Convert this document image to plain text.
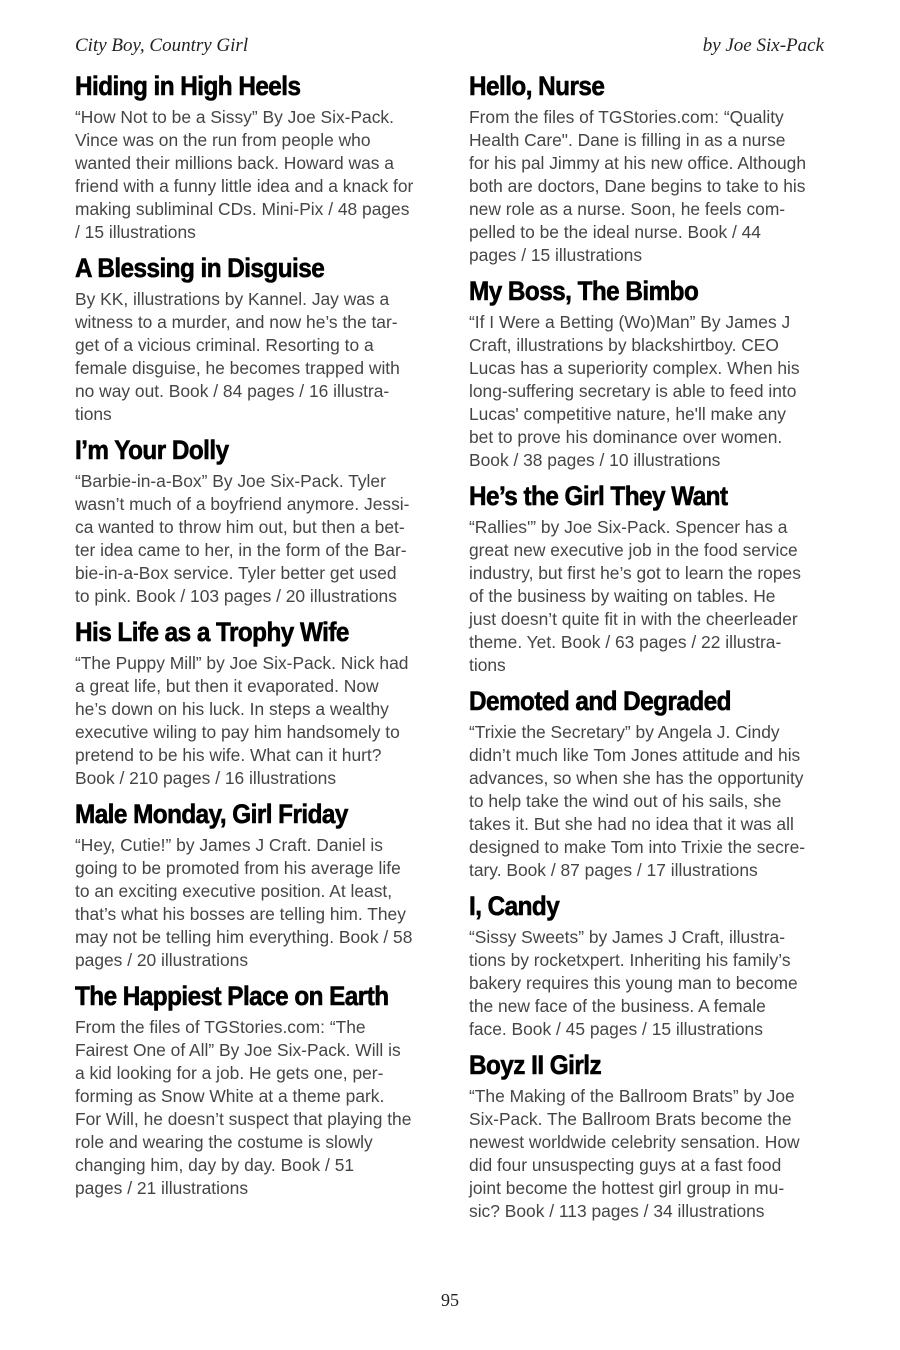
City Boy, Country Girl	by Joe Six-Pack
Hiding in High Heels
“How Not to be a Sissy” By Joe Six-Pack.
Vince was on the run from people who
wanted their millions back. Howard was a
friend with a funny little idea and a knack for
making subliminal CDs. Mini-Pix / 48 pages
/ 15 illustrations
A Blessing in Disguise
By KK, illustrations by Kannel. Jay was a
witness to a murder, and now he’s the tar-
get of a vicious criminal. Resorting to a
female disguise, he becomes trapped with
no way out. Book / 84 pages / 16 illustra-
tions
I’m Your Dolly
“Barbie-in-a-Box” By Joe Six-Pack. Tyler
wasn’t much of a boyfriend anymore. Jessi-
ca wanted to throw him out, but then a bet-
ter idea came to her, in the form of the Bar-
bie-in-a-Box service. Tyler better get used
to pink. Book / 103 pages / 20 illustrations
His Life as a Trophy Wife
“The Puppy Mill” by Joe Six-Pack. Nick had
a great life, but then it evaporated. Now
he’s down on his luck. In steps a wealthy
executive wiling to pay him handsomely to
pretend to be his wife. What can it hurt?
Book / 210 pages / 16 illustrations
Male Monday, Girl Friday
“Hey, Cutie!” by James J Craft. Daniel is
going to be promoted from his average life
to an exciting executive position. At least,
that’s what his bosses are telling him. They
may not be telling him everything. Book / 58
pages / 20 illustrations
The Happiest Place on Earth
From the files of TGStories.com: “The
Fairest One of All” By Joe Six-Pack. Will is
a kid looking for a job. He gets one, per-
forming as Snow White at a theme park.
For Will, he doesn’t suspect that playing the
role and wearing the costume is slowly
changing him, day by day. Book / 51
pages / 21 illustrations
Hello, Nurse
From the files of TGStories.com: “Quality
Health Care". Dane is filling in as a nurse
for his pal Jimmy at his new office. Although
both are doctors, Dane begins to take to his
new role as a nurse. Soon, he feels com-
pelled to be the ideal nurse. Book / 44
pages / 15 illustrations
My Boss, The Bimbo
“If I Were a Betting (Wo)Man” By James J
Craft, illustrations by blackshirtboy. CEO
Lucas has a superiority complex. When his
long-suffering secretary is able to feed into
Lucas' competitive nature, he'll make any
bet to prove his dominance over women.
Book / 38 pages / 10 illustrations
He’s the Girl They Want
“Rallies'” by Joe Six-Pack. Spencer has a
great new executive job in the food service
industry, but first he’s got to learn the ropes
of the business by waiting on tables. He
just doesn’t quite fit in with the cheerleader
theme. Yet. Book / 63 pages / 22 illustra-
tions
Demoted and Degraded
“Trixie the Secretary” by Angela J. Cindy
didn’t much like Tom Jones attitude and his
advances, so when she has the opportunity
to help take the wind out of his sails, she
takes it. But she had no idea that it was all
designed to make Tom into Trixie the secre-
tary. Book / 87 pages / 17 illustrations
I, Candy
“Sissy Sweets” by James J Craft, illustra-
tions by rocketxpert. Inheriting his family’s
bakery requires this young man to become
the new face of the business. A female
face. Book / 45 pages / 15 illustrations
Boyz II Girlz
“The Making of the Ballroom Brats” by Joe
Six-Pack. The Ballroom Brats become the
newest worldwide celebrity sensation. How
did four unsuspecting guys at a fast food
joint become the hottest girl group in mu-
sic? Book / 113 pages / 34 illustrations
95
